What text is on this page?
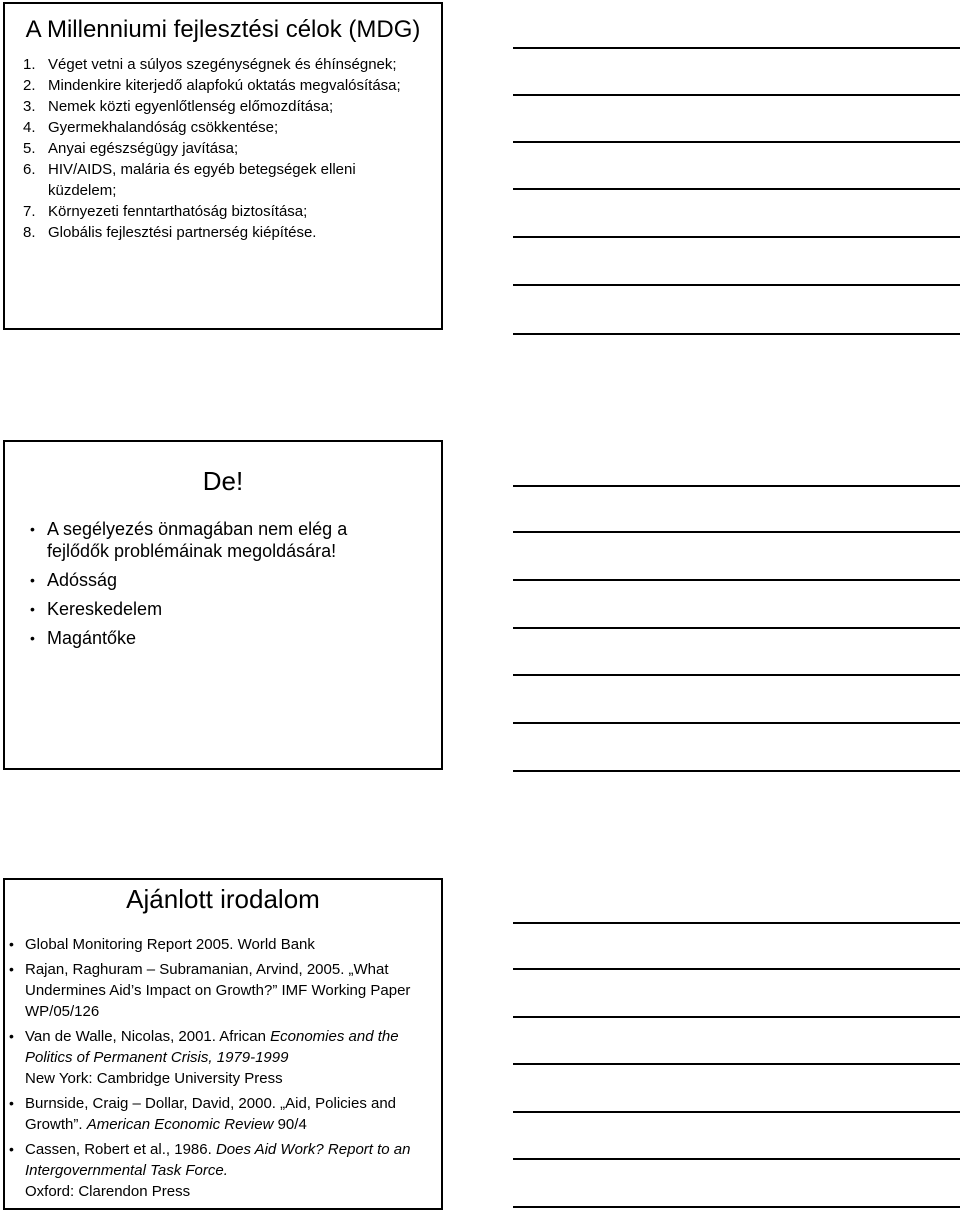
A Millenniumi fejlesztési célok (MDG)
1. Véget vetni a súlyos szegénységnek és éhínségnek;
2. Mindenkire kiterjedő alapfokú oktatás megvalósítása;
3. Nemek közti egyenlőtlenség előmozdítása;
4. Gyermekhalandóság csökkentése;
5. Anyai egészségügy javítása;
6. HIV/AIDS, malária és egyéb betegségek elleni küzdelem;
7. Környezeti fenntarthatóság biztosítása;
8. Globális fejlesztési partnerség kiépítése.
De!
• A segélyezés önmagában nem elég a fejlődők problémáinak megoldására!
• Adósság
• Kereskedelem
• Magántőke
Ajánlott irodalom
• Global Monitoring Report 2005. World Bank
• Rajan, Raghuram – Subramanian, Arvind, 2005. „What Undermines Aid’s Impact on Growth?” IMF Working Paper WP/05/126
• Van de Walle, Nicolas, 2001. African Economies and the Politics of Permanent Crisis, 1979-1999
New York: Cambridge University Press
• Burnside, Craig – Dollar, David, 2000. „Aid, Policies and Growth”. American Economic Review 90/4
• Cassen, Robert et al., 1986. Does Aid Work? Report to an Intergovernmental Task Force.
Oxford: Clarendon Press
